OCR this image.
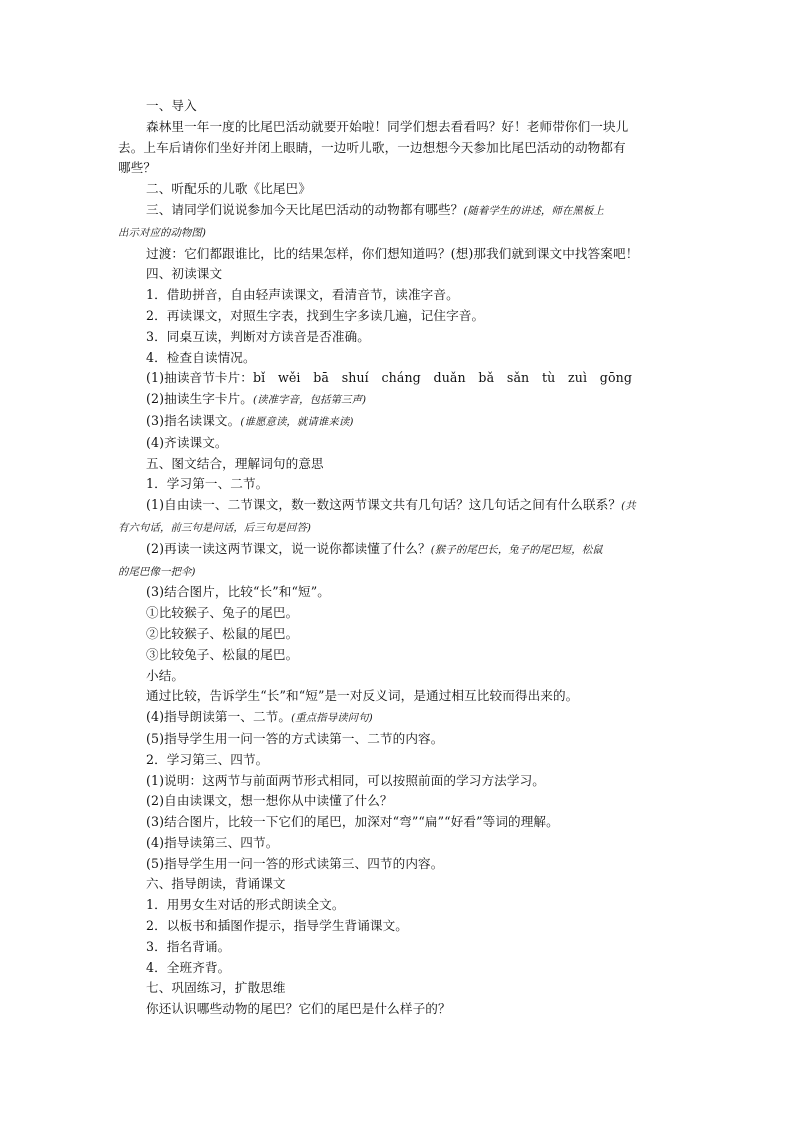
一、导入
森林里一年一度的比尾巴活动就要开始啦！同学们想去看看吗？好！老师带你们一块儿
去。上车后请你们坐好并闭上眼睛，一边听儿歌，一边想想今天参加比尾巴活动的动物都有
哪些？
二、听配乐的儿歌《比尾巴》
三、请同学们说说参加今天比尾巴活动的动物都有哪些？(随着学生的讲述，师在黑板上
出示对应的动物图)
过渡：它们都跟谁比，比的结果怎样，你们想知道吗？(想)那我们就到课文中找答案吧！
四、初读课文
1．借助拼音，自由轻声读课文，看清音节，读准字音。
2．再读课文，对照生字表，找到生字多读几遍，记住字音。
3．同桌互读，判断对方读音是否准确。
4．检查自读情况。
(1)抽读音节卡片：bǐ　wěi　bā　shuí　cháng　duǎn　bǎ　sǎn　tù　zuì　gōng
(2)抽读生字卡片。(读准字音，包括第三声)
(3)指名读课文。(谁愿意读，就请谁来读)
(4)齐读课文。
五、图文结合，理解词句的意思
1．学习第一、二节。
(1)自由读一、二节课文，数一数这两节课文共有几句话？这几句话之间有什么联系？(共
有六句话，前三句是问话，后三句是回答)
(2)再读一读这两节课文，说一说你都读懂了什么？(猴子的尾巴长，兔子的尾巴短，松鼠
的尾巴像一把伞)
(3)结合图片，比较“长”和“短”。
①比较猴子、兔子的尾巴。
②比较猴子、松鼠的尾巴。
③比较兔子、松鼠的尾巴。
小结。
通过比较，告诉学生“长”和“短”是一对反义词，是通过相互比较而得出来的。
(4)指导朗读第一、二节。(重点指导读问句)
(5)指导学生用一问一答的方式读第一、二节的内容。
2．学习第三、四节。
(1)说明：这两节与前面两节形式相同，可以按照前面的学习方法学习。
(2)自由读课文，想一想你从中读懂了什么？
(3)结合图片，比较一下它们的尾巴，加深对“弯”“扁”“好看”等词的理解。
(4)指导读第三、四节。
(5)指导学生用一问一答的形式读第三、四节的内容。
六、指导朗读，背诵课文
1．用男女生对话的形式朗读全文。
2．以板书和插图作提示，指导学生背诵课文。
3．指名背诵。
4．全班齐背。
七、巩固练习，扩散思维
你还认识哪些动物的尾巴？它们的尾巴是什么样子的？
